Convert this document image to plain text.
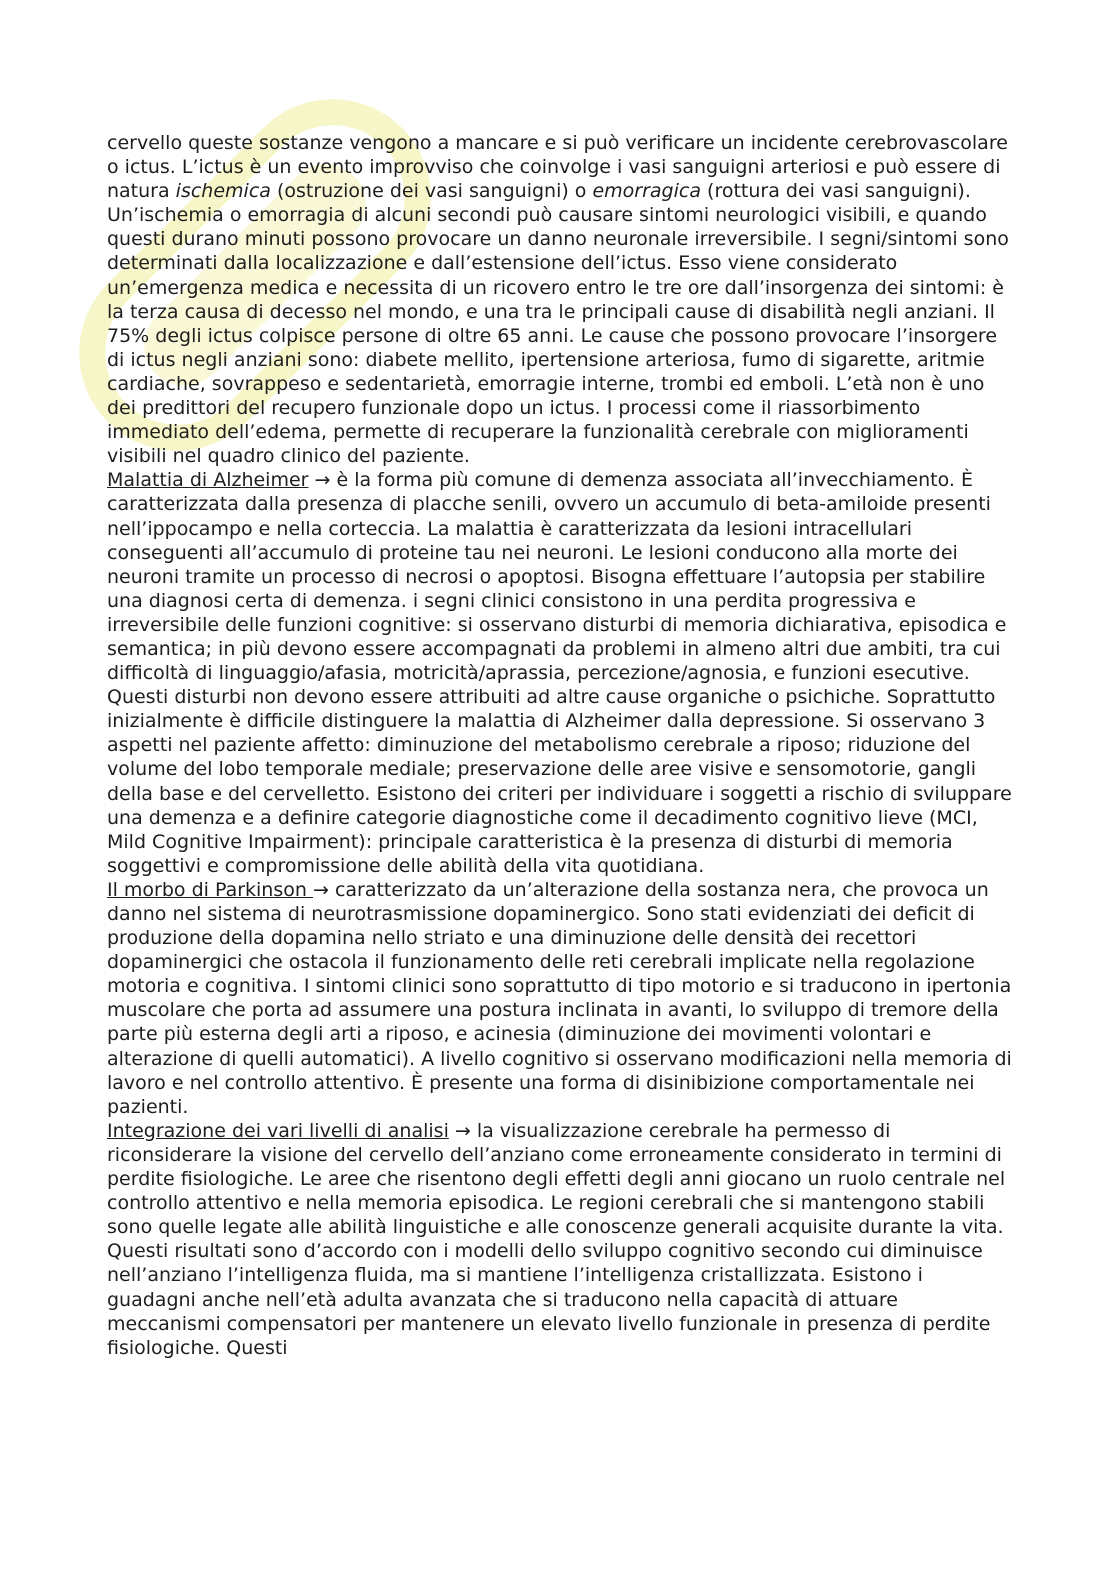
cervello queste sostanze vengono a mancare e si può verificare un incidente cerebrovascolare o ictus. L’ictus è un evento improvviso che coinvolge i vasi sanguigni arteriosi e può essere di natura ischemica (ostruzione dei vasi sanguigni) o emorragica (rottura dei vasi sanguigni). Un’ischemia o emorragia di alcuni secondi può causare sintomi neurologici visibili, e quando questi durano minuti possono provocare un danno neuronale irreversibile. I segni/sintomi sono determinati dalla localizzazione e dall’estensione dell’ictus. Esso viene considerato un’emergenza medica e necessita di un ricovero entro le tre ore dall’insorgenza dei sintomi: è la terza causa di decesso nel mondo, e una tra le principali cause di disabilità negli anziani. Il 75% degli ictus colpisce persone di oltre 65 anni. Le cause che possono provocare l’insorgere di ictus negli anziani sono: diabete mellito, ipertensione arteriosa, fumo di sigarette, aritmie cardiache, sovrappeso e sedentarietà, emorragie interne, trombi ed emboli. L’età non è uno dei predittori del recupero funzionale dopo un ictus. I processi come il riassorbimento immediato dell’edema, permette di recuperare la funzionalità cerebrale con miglioramenti visibili nel quadro clinico del paziente.

Malattia di Alzheimer → è la forma più comune di demenza associata all’invecchiamento. È caratterizzata dalla presenza di placche senili, ovvero un accumulo di beta-amiloide presenti nell’ippocampo e nella corteccia. La malattia è caratterizzata da lesioni intracellulari conseguenti all’accumulo di proteine tau nei neuroni. Le lesioni conducono alla morte dei neuroni tramite un processo di necrosi o apoptosi. Bisogna effettuare l’autopsia per stabilire una diagnosi certa di demenza. i segni clinici consistono in una perdita progressiva e irreversibile delle funzioni cognitive: si osservano disturbi di memoria dichiarativa, episodica e semantica; in più devono essere accompagnati da problemi in almeno altri due ambiti, tra cui difficoltà di linguaggio/afasia, motricità/aprassia, percezione/agnosia, e funzioni esecutive. Questi disturbi non devono essere attribuiti ad altre cause organiche o psichiche. Soprattutto inizialmente è difficile distinguere la malattia di Alzheimer dalla depressione. Si osservano 3 aspetti nel paziente affetto: diminuzione del metabolismo cerebrale a riposo; riduzione del volume del lobo temporale mediale; preservazione delle aree visive e sensomotorie, gangli della base e del cervelletto. Esistono dei criteri per individuare i soggetti a rischio di sviluppare una demenza e a definire categorie diagnostiche come il decadimento cognitivo lieve (MCI, Mild Cognitive Impairment): principale caratteristica è la presenza di disturbi di memoria soggettivi e compromissione delle abilità della vita quotidiana.

Il morbo di Parkinson → caratterizzato da un’alterazione della sostanza nera, che provoca un danno nel sistema di neurotrasmissione dopaminergico. Sono stati evidenziati dei deficit di produzione della dopamina nello striato e una diminuzione delle densità dei recettori dopaminergici che ostacola il funzionamento delle reti cerebrali implicate nella regolazione motoria e cognitiva. I sintomi clinici sono soprattutto di tipo motorio e si traducono in ipertonia muscolare che porta ad assumere una postura inclinata in avanti, lo sviluppo di tremore della parte più esterna degli arti a riposo, e acinesia (diminuzione dei movimenti volontari e alterazione di quelli automatici). A livello cognitivo si osservano modificazioni nella memoria di lavoro e nel controllo attentivo. È presente una forma di disinibizione comportamentale nei pazienti.

Integrazione dei vari livelli di analisi → la visualizzazione cerebrale ha permesso di riconsiderare la visione del cervello dell’anziano come erroneamente considerato in termini di perdite fisiologiche. Le aree che risentono degli effetti degli anni giocano un ruolo centrale nel controllo attentivo e nella memoria episodica. Le regioni cerebrali che si mantengono stabili sono quelle legate alle abilità linguistiche e alle conoscenze generali acquisite durante la vita. Questi risultati sono d’accordo con i modelli dello sviluppo cognitivo secondo cui diminuisce nell’anziano l’intelligenza fluida, ma si mantiene l’intelligenza cristallizzata. Esistono i guadagni anche nell’età adulta avanzata che si traducono nella capacità di attuare meccanismi compensatori per mantenere un elevato livello funzionale in presenza di perdite fisiologiche. Questi
